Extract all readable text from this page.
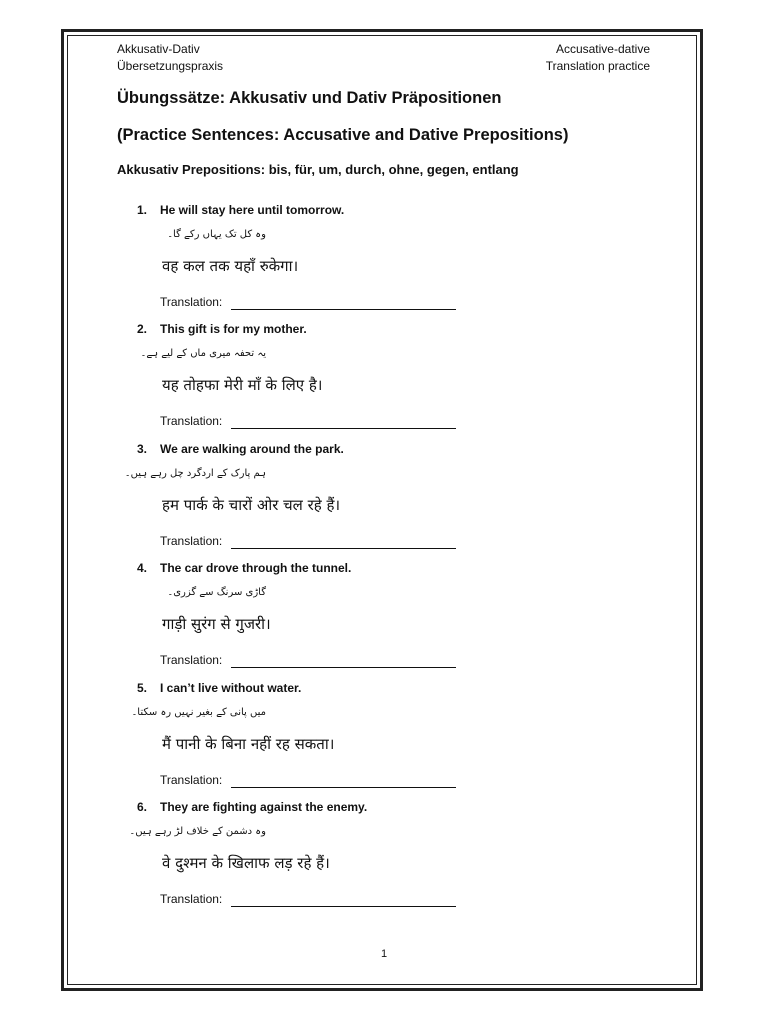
Akkusativ-Dativ
Übersetzungspraxis
Accusative-dative
Translation practice
Übungssätze: Akkusativ und Dativ Präpositionen
(Practice Sentences: Accusative and Dative Prepositions)
Akkusativ Prepositions: bis, für, um, durch, ohne, gegen, entlang
1. He will stay here until tomorrow.
وہ کل تک یہاں رکے گا۔
वह कल तक यहाँ रुकेगा।
Translation:
2. This gift is for my mother.
یہ تحفہ میری ماں کے لیے ہے۔
यह तोहफा मेरी माँ के लिए है।
Translation:
3. We are walking around the park.
ہم پارک کے اردگرد چل رہے ہیں۔
हम पार्क के चारों ओर चल रहे हैं।
Translation:
4. The car drove through the tunnel.
گاڑی سرنگ سے گزری۔
गाड़ी सुरंग से गुजरी।
Translation:
5. I can’t live without water.
میں پانی کے بغیر نہیں رہ سکتا۔
मैं पानी के बिना नहीं रह सकता।
Translation:
6. They are fighting against the enemy.
وہ دشمن کے خلاف لڑ رہے ہیں۔
वे दुश्मन के खिलाफ लड़ रहे हैं।
Translation:
1
